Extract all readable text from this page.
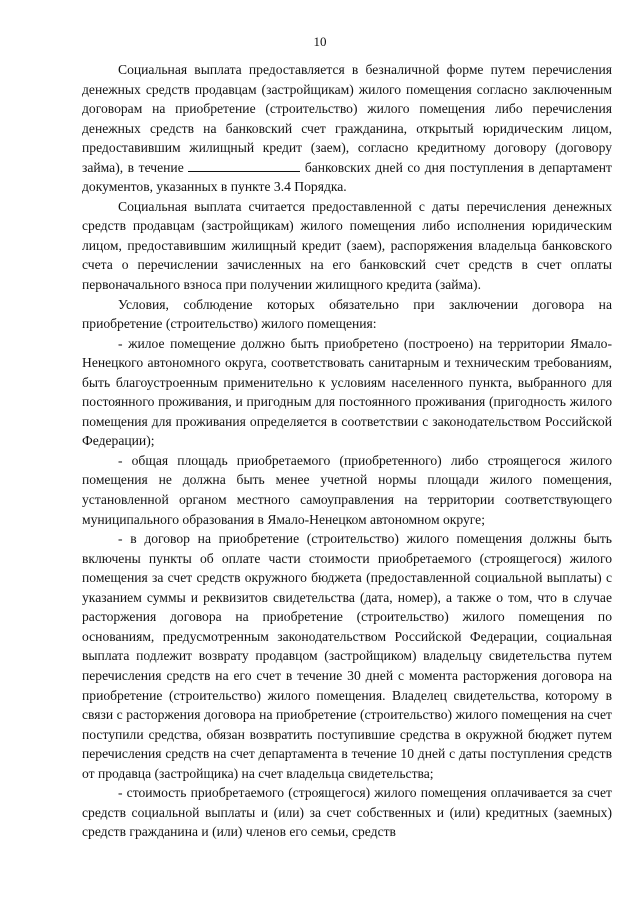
10

Социальная выплата предоставляется в безналичной форме путем перечисления денежных средств продавцам (застройщикам) жилого помещения согласно заключенным договорам на приобретение (строительство) жилого помещения либо перечисления денежных средств на банковский счет гражданина, открытый юридическим лицом, предоставившим жилищный кредит (заем), согласно кредитному договору (договору займа), в течение	банковских дней со дня поступления в департамент документов, указанных в пункте 3.4 Порядка.

Социальная выплата считается предоставленной с даты перечисления денежных средств продавцам (застройщикам) жилого помещения либо исполнения юридическим лицом, предоставившим жилищный кредит (заем), распоряжения владельца банковского счета о перечислении зачисленных на его банковский счет средств в счет оплаты первоначального взноса при получении жилищного кредита (займа).

Условия, соблюдение которых обязательно при заключении договора на приобретение (строительство) жилого помещения:

- жилое помещение должно быть приобретено (построено) на территории Ямало-Ненецкого автономного округа, соответствовать санитарным и техническим требованиям, быть благоустроенным применительно к условиям населенного пункта, выбранного для постоянного проживания, и пригодным для постоянного проживания (пригодность жилого помещения для проживания определяется в соответствии с законодательством Российской Федерации);

- общая площадь приобретаемого (приобретенного) либо строящегося жилого помещения не должна быть менее учетной нормы площади жилого помещения, установленной органом местного самоуправления на территории соответствующего муниципального образования в Ямало-Ненецком автономном округе;

- в договор на приобретение (строительство) жилого помещения должны быть включены пункты об оплате части стоимости приобретаемого (строящегося) жилого помещения за счет средств окружного бюджета (предоставленной социальной выплаты) с указанием суммы и реквизитов свидетельства (дата, номер), а также о том, что в случае расторжения договора на приобретение (строительство) жилого помещения по основаниям, предусмотренным законодательством Российской Федерации, социальная выплата подлежит возврату продавцом (застройщиком) владельцу свидетельства путем перечисления средств на его счет в течение 30 дней с момента расторжения договора на приобретение (строительство) жилого помещения. Владелец свидетельства, которому в связи с расторжения договора на приобретение (строительство) жилого помещения на счет поступили средства, обязан возвратить поступившие средства в окружной бюджет путем перечисления средств на счет департамента в течение 10 дней с даты поступления средств от продавца (застройщика) на счет владельца свидетельства;

- стоимость приобретаемого (строящегося) жилого помещения оплачивается за счет средств социальной выплаты и (или) за счет собственных и (или) кредитных (заемных) средств гражданина и (или) членов его семьи, средств
